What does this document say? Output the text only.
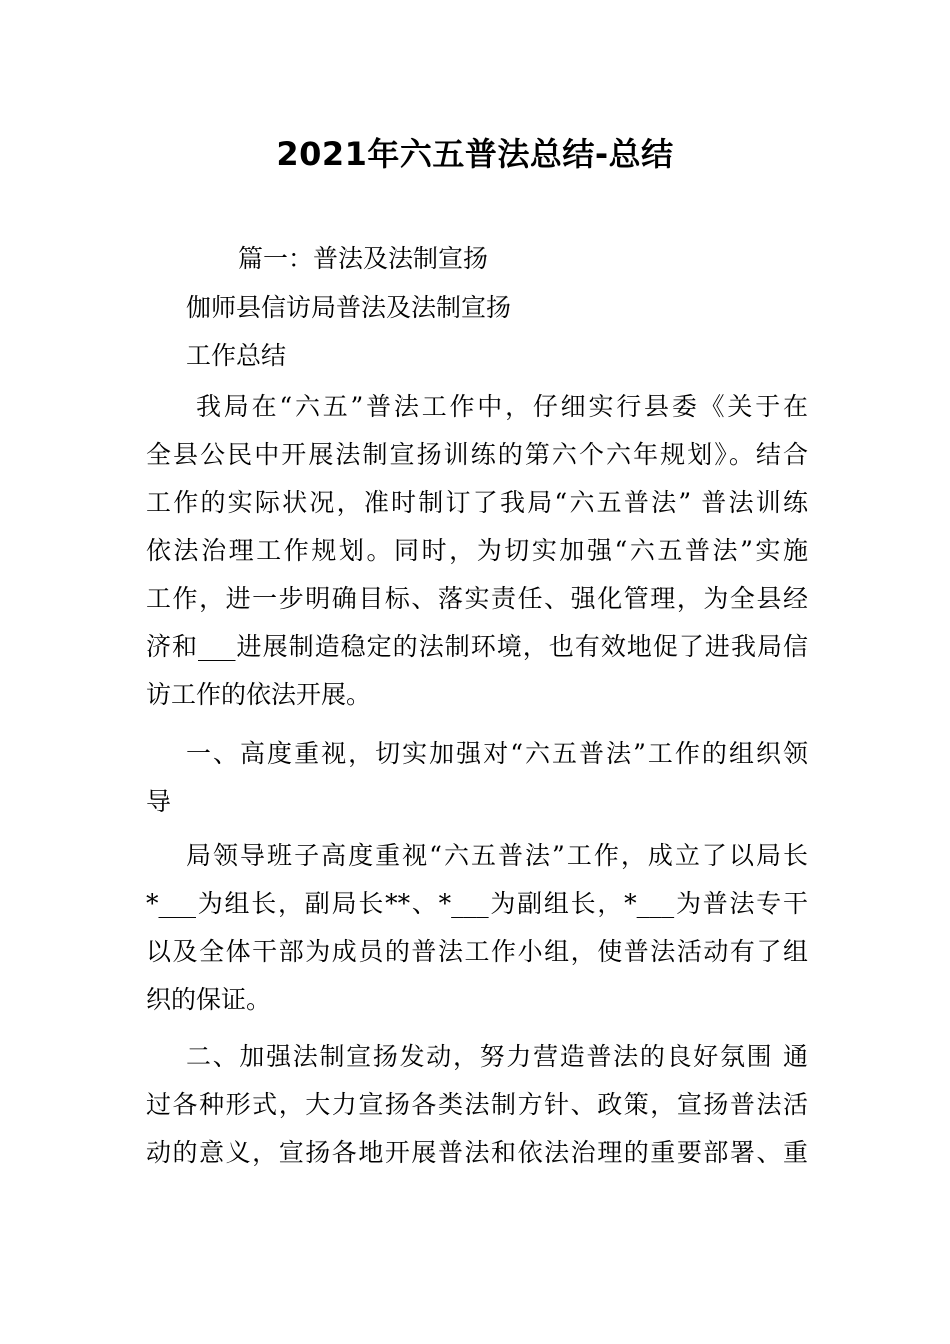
2021年六五普法总结-总结
篇一：普法及法制宣扬
伽师县信访局普法及法制宣扬
工作总结
我局在“六五”普法工作中，仔细实行县委《关于在
全县公民中开展法制宣扬训练的第六个六年规划》。结合
工作的实际状况，准时制订了我局“六五普法” 普法训练
依法治理工作规划。同时，为切实加强“六五普法”实施
工作，进一步明确目标、落实责任、强化管理，为全县经
济和___进展制造稳定的法制环境，也有效地促了进我局信
访工作的依法开展。
一、高度重视，切实加强对“六五普法”工作的组织领
导
局领导班子高度重视“六五普法”工作，成立了以局长
*___为组长，副局长**、*___为副组长，*___为普法专干
以及全体干部为成员的普法工作小组，使普法活动有了组
织的保证。
二、加强法制宣扬发动，努力营造普法的良好氛围 通
过各种形式，大力宣扬各类法制方针、政策，宣扬普法活
动的意义，宣扬各地开展普法和依法治理的重要部署、重
